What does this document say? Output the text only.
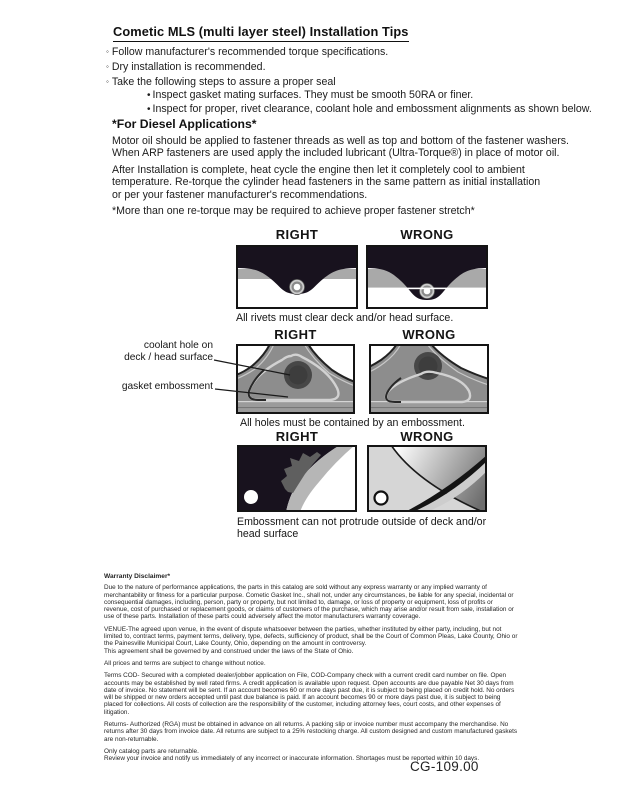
Cometic MLS (multi layer steel) Installation Tips
◦ Follow manufacturer's recommended torque specifications.
◦ Dry installation is recommended.
◦ Take the following steps to assure a proper seal
• Inspect gasket mating surfaces. They must be smooth 50RA or finer.
• Inspect for proper, rivet clearance, coolant hole and embossment alignments as shown below.
*For Diesel Applications*
Motor oil should be applied to fastener threads as well as top and bottom of the fastener washers.
When ARP fasteners are used apply the included lubricant (Ultra-Torque®) in place of motor oil.
After Installation is complete, heat cycle the engine then let it completely cool to ambient
temperature. Re-torque the cylinder head fasteners in the same pattern as initial installation
or per your fastener manufacturer's recommendations.
*More than one re-torque may be required to achieve proper fastener stretch*
RIGHT	WRONG
All rivets must clear deck and/or head surface.
coolant hole on
deck / head surface
gasket embossment
RIGHT	WRONG
All holes must be contained by an embossment.
RIGHT	WRONG
Embossment can not protrude outside of deck and/or head surface
Warranty Disclaimer*
Due to the nature of performance applications, the parts in this catalog are sold without any express warranty or any implied warranty of merchantability or fitness for a particular purpose. Cometic Gasket Inc., shall not, under any circumstances, be liable for any special, incidental or consequential damages, including, person, party or property, but not limited to, damage, or loss of property or equipment, loss of profits or revenue, cost of purchased or replacement goods, or claims of customers of the purchase, which may arise and/or result from sale, installation or use of these parts. Installation of these parts could adversely affect the motor manufacturers warranty coverage.
VENUE-The agreed upon venue, in the event of dispute whatsoever between the parties, whether instituted by either party, including, but not limited to, contract terms, payment terms, delivery, type, defects, sufficiency of product, shall be the Court of Common Pleas, Lake County, Ohio or the Painesville Municipal Court, Lake County, Ohio, depending on the amount in controversy.
This agreement shall be governed by and construed under the laws of the State of Ohio.
All prices and terms are subject to change without notice.
Terms COD- Secured with a completed dealer/jobber application on File, COD-Company check with a current credit card number on file. Open accounts may be established by well rated firms. A credit application is available upon request. Open accounts are due payable Net 30 days from date of invoice. No statement will be sent. If an account becomes 60 or more days past due, it is subject to being placed on credit hold. No orders will be shipped or new orders accepted until past due balance is paid. If an account becomes 90 or more days past due, it is subject to being placed for collections. All costs of collection are the responsibility of the customer, including attorney fees, court costs, and other expenses of litigation.
Returns- Authorized (RGA) must be obtained in advance on all returns. A packing slip or invoice number must accompany the merchandise. No returns after 30 days from invoice date. All returns are subject to a 25% restocking charge. All custom designed and custom manufactured gaskets are non-returnable.
Only catalog parts are returnable.
Review your invoice and notify us immediately of any incorrect or inaccurate information. Shortages must be reported within 10 days.
CG-109.00
